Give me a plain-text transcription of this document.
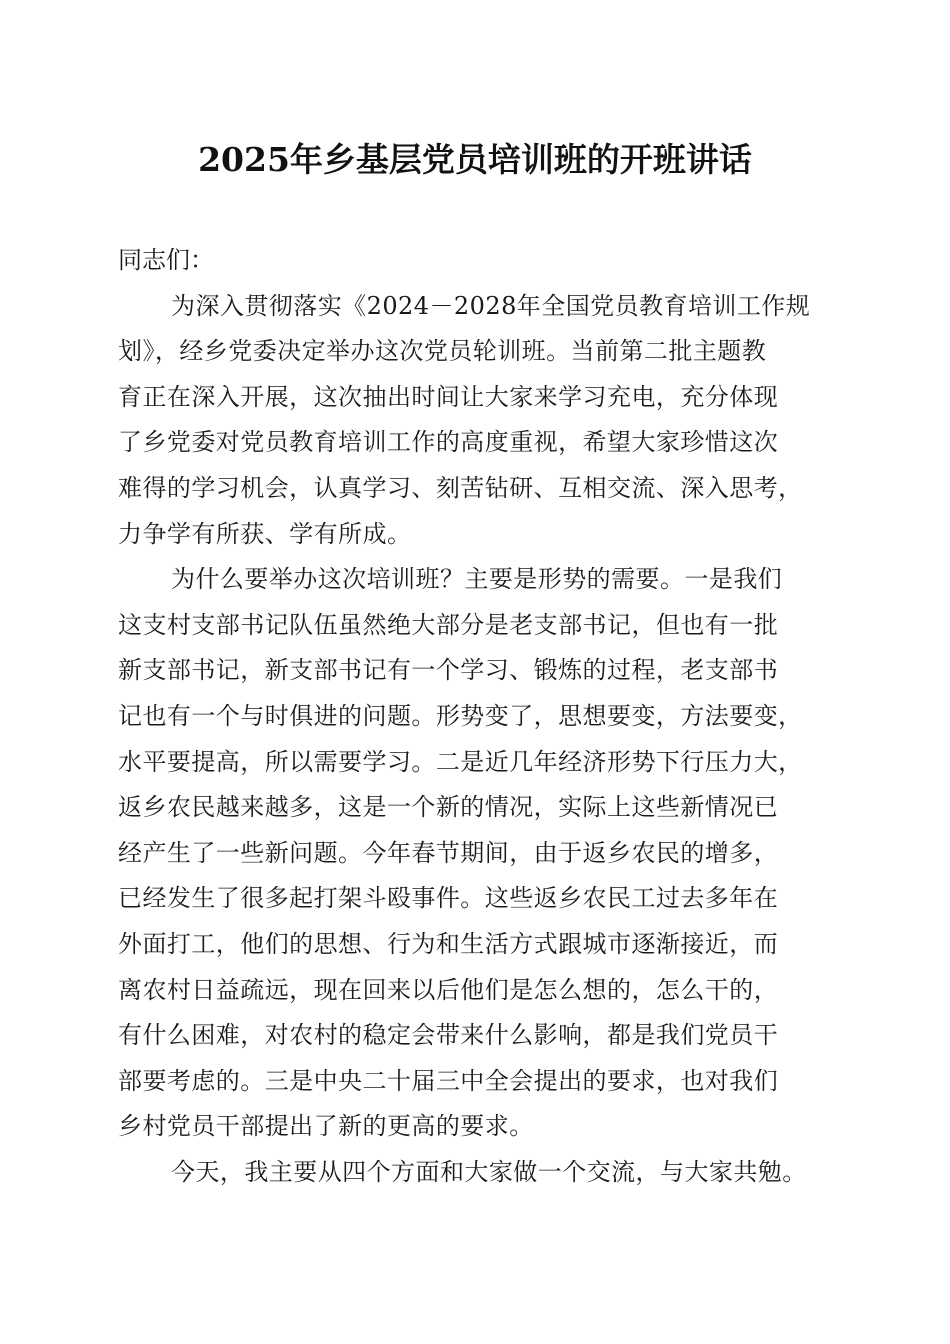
2025年乡基层党员培训班的开班讲话

同志们：

为深入贯彻落实《2024－2028年全国党员教育培训工作规
划》，经乡党委决定举办这次党员轮训班。当前第二批主题教
育正在深入开展，这次抽出时间让大家来学习充电，充分体现
了乡党委对党员教育培训工作的高度重视，希望大家珍惜这次
难得的学习机会，认真学习、刻苦钻研、互相交流、深入思考，
力争学有所获、学有所成。

为什么要举办这次培训班？主要是形势的需要。一是我们
这支村支部书记队伍虽然绝大部分是老支部书记，但也有一批
新支部书记，新支部书记有一个学习、锻炼的过程，老支部书
记也有一个与时俱进的问题。形势变了，思想要变，方法要变，
水平要提高，所以需要学习。二是近几年经济形势下行压力大，
返乡农民越来越多，这是一个新的情况，实际上这些新情况已
经产生了一些新问题。今年春节期间，由于返乡农民的增多，
已经发生了很多起打架斗殴事件。这些返乡农民工过去多年在
外面打工，他们的思想、行为和生活方式跟城市逐渐接近，而
离农村日益疏远，现在回来以后他们是怎么想的，怎么干的，
有什么困难，对农村的稳定会带来什么影响，都是我们党员干
部要考虑的。三是中央二十届三中全会提出的要求，也对我们
乡村党员干部提出了新的更高的要求。

今天，我主要从四个方面和大家做一个交流，与大家共勉。
